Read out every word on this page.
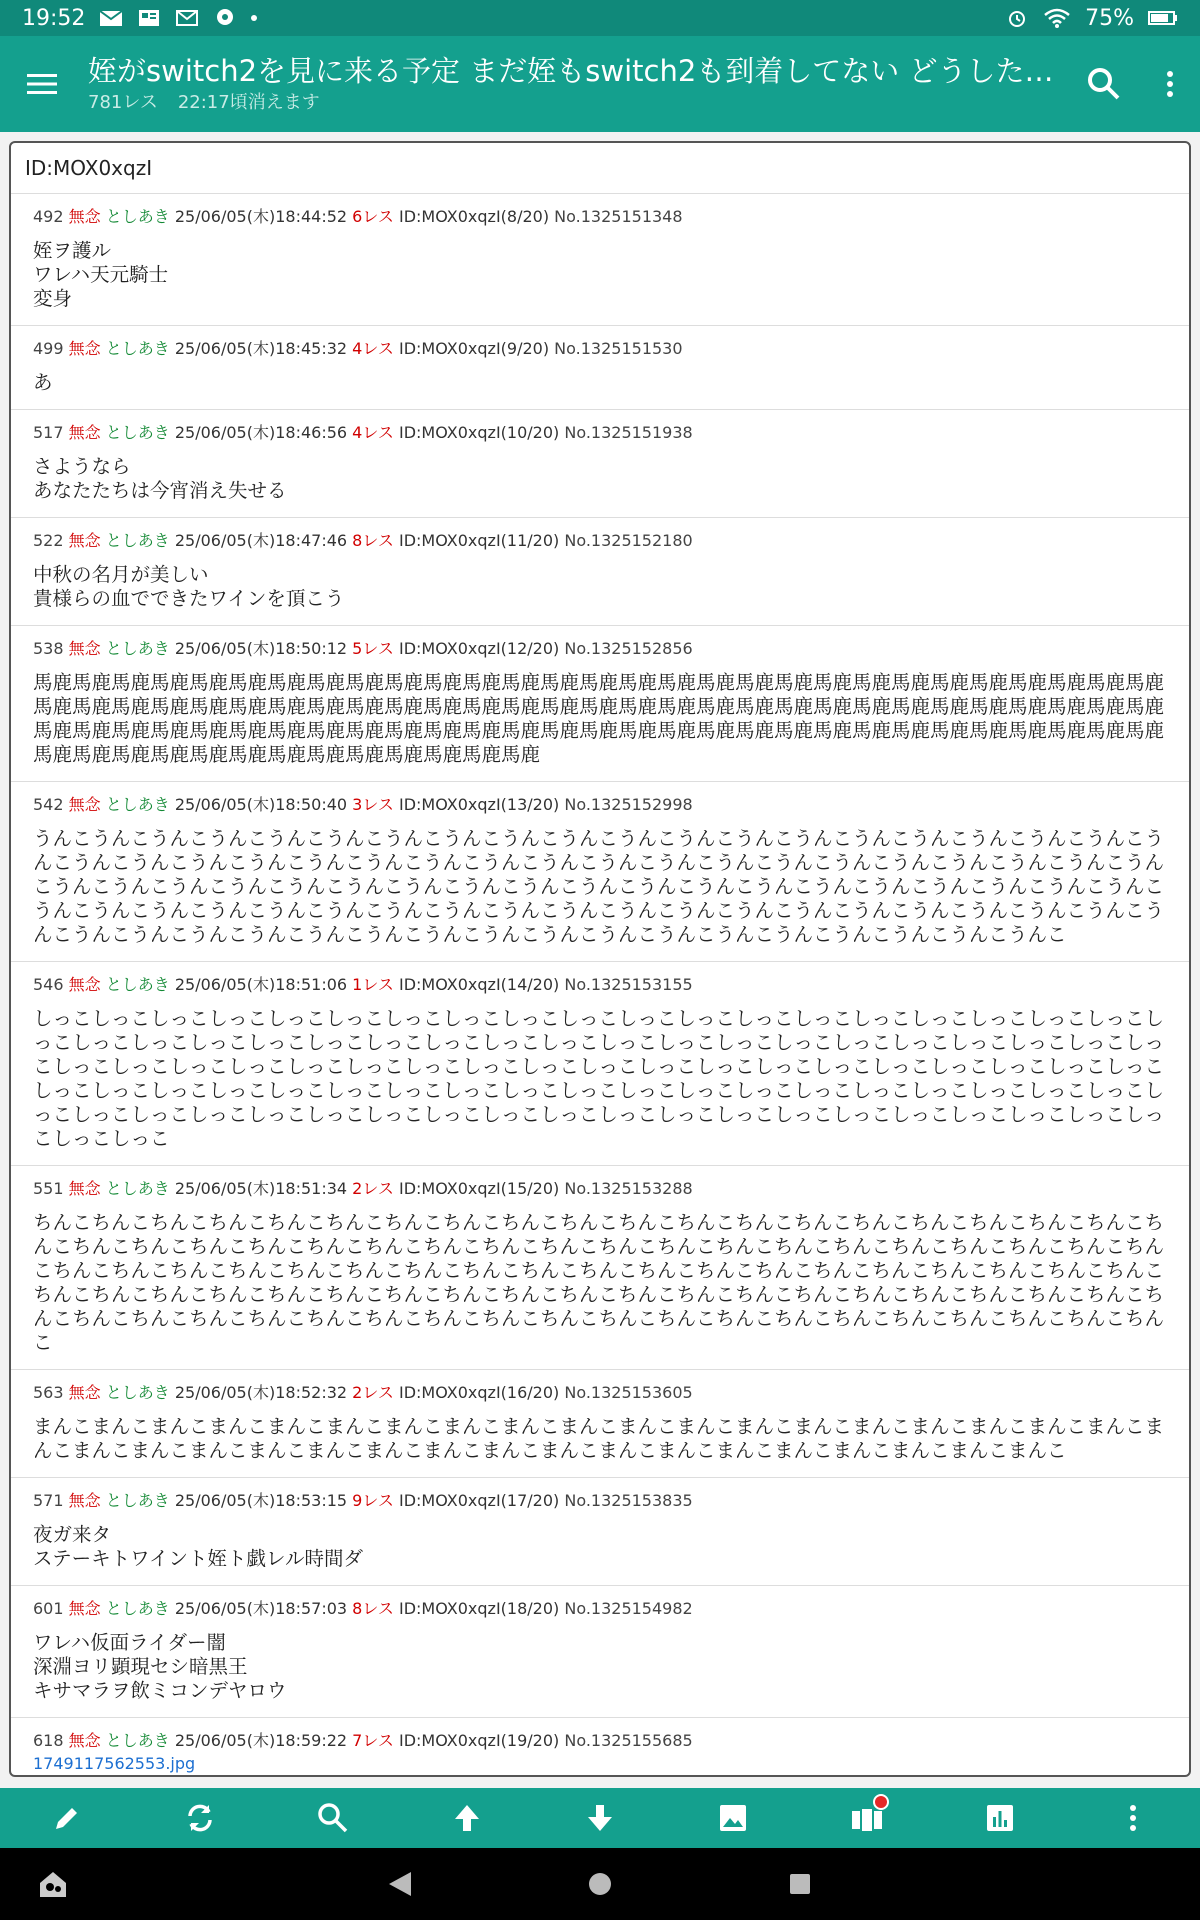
19:52	75%
姪がswitch2を見に来る予定 まだ姪もswitch2も到着してない どうした…
781レス 22:17頃消えます
ID:MOX0xqzI
492 無念 としあき 25/06/05(木)18:44:52 6レス ID:MOX0xqzI(8/20) No.1325151348
姪ヲ護ル
ワレハ天元騎士
変身
499 無念 としあき 25/06/05(木)18:45:32 4レス ID:MOX0xqzI(9/20) No.1325151530
あ
517 無念 としあき 25/06/05(木)18:46:56 4レス ID:MOX0xqzI(10/20) No.1325151938
さようなら
あなたたちは今宵消え失せる
522 無念 としあき 25/06/05(木)18:47:46 8レス ID:MOX0xqzI(11/20) No.1325152180
中秋の名月が美しい
貴様らの血でできたワインを頂こう
538 無念 としあき 25/06/05(木)18:50:12 5レス ID:MOX0xqzI(12/20) No.1325152856
馬鹿馬鹿馬鹿馬鹿馬鹿馬鹿馬鹿馬鹿馬鹿馬鹿馬鹿馬鹿馬鹿馬鹿馬鹿馬鹿馬鹿馬鹿馬鹿馬鹿馬鹿馬鹿馬鹿馬鹿馬鹿馬鹿馬鹿馬鹿馬鹿馬鹿馬鹿馬鹿馬鹿馬鹿馬鹿馬鹿馬鹿馬鹿馬鹿馬鹿馬鹿馬鹿馬鹿馬鹿馬鹿馬鹿馬鹿馬鹿馬鹿馬鹿馬鹿馬鹿馬鹿馬鹿馬鹿馬鹿馬鹿馬鹿馬鹿馬鹿馬鹿馬鹿馬鹿馬鹿馬鹿馬鹿馬鹿馬鹿馬鹿馬鹿馬鹿馬鹿馬鹿馬鹿馬鹿馬鹿馬鹿馬鹿馬鹿馬鹿馬鹿馬鹿馬鹿馬鹿馬鹿馬鹿馬鹿馬鹿馬鹿馬鹿馬鹿馬鹿馬鹿馬鹿馬鹿馬鹿馬鹿馬鹿馬鹿馬鹿
542 無念 としあき 25/06/05(木)18:50:40 3レス ID:MOX0xqzI(13/20) No.1325152998
うんこうんこうんこうんこうんこうんこうんこうんこうんこうんこうんこうんこうんこうんこうんこうんこうんこうんこうんこうんこうんこうんこうんこうんこうんこうんこうんこうんこうんこうんこうんこうんこうんこうんこうんこうんこうんこうんこうんこうんこうんこうんこうんこうんこうんこうんこうんこうんこうんこうんこうんこうんこうんこうんこうんこうんこうんこうんこうんこうんこうんこうんこうんこうんこうんこうんこうんこうんこうんこうんこうんこうんこうんこうんこうんこうんこうんこうんこうんこうんこうんこうんこうんこうんこうんこうんこうんこうんこうんこうんこうんこうんこうんこうんこうんこ
546 無念 としあき 25/06/05(木)18:51:06 1レス ID:MOX0xqzI(14/20) No.1325153155
しっこしっこしっこしっこしっこしっこしっこしっこしっこしっこしっこしっこしっこしっこしっこしっこしっこしっこしっこしっこしっこしっこしっこしっこしっこしっこしっこしっこしっこしっこしっこしっこしっこしっこしっこしっこしっこしっこしっこしっこしっこしっこしっこしっこしっこしっこしっこしっこしっこしっこしっこしっこしっこしっこしっこしっこしっこしっこしっこしっこしっこしっこしっこしっこしっこしっこしっこしっこしっこしっこしっこしっこしっこしっこしっこしっこしっこしっこしっこしっこしっこしっこしっこしっこしっこしっこしっこしっこしっこしっこしっこしっこしっこしっこしっこしっこしっこしっこしっこ
551 無念 としあき 25/06/05(木)18:51:34 2レス ID:MOX0xqzI(15/20) No.1325153288
ちんこちんこちんこちんこちんこちんこちんこちんこちんこちんこちんこちんこちんこちんこちんこちんこちんこちんこちんこちんこちんこちんこちんこちんこちんこちんこちんこちんこちんこちんこちんこちんこちんこちんこちんこちんこちんこちんこちんこちんこちんこちんこちんこちんこちんこちんこちんこちんこちんこちんこちんこちんこちんこちんこちんこちんこちんこちんこちんこちんこちんこちんこちんこちんこちんこちんこちんこちんこちんこちんこちんこちんこちんこちんこちんこちんこちんこちんこちんこちんこちんこちんこちんこちんこちんこちんこちんこちんこちんこちんこちんこちんこちんこちんこちんこちんこちんこ
563 無念 としあき 25/06/05(木)18:52:32 2レス ID:MOX0xqzI(16/20) No.1325153605
まんこまんこまんこまんこまんこまんこまんこまんこまんこまんこまんこまんこまんこまんこまんこまんこまんこまんこまんこまんこまんこまんこまんこまんこまんこまんこまんこまんこまんこまんこまんこまんこまんこまんこまんこまんこまんこ
571 無念 としあき 25/06/05(木)18:53:15 9レス ID:MOX0xqzI(17/20) No.1325153835
夜ガ来タ
ステーキトワイント姪ト戯レル時間ダ
601 無念 としあき 25/06/05(木)18:57:03 8レス ID:MOX0xqzI(18/20) No.1325154982
ワレハ仮面ライダー闇
深淵ヨリ顕現セシ暗黒王
キサマラヲ飲ミコンデヤロウ
618 無念 としあき 25/06/05(木)18:59:22 7レス ID:MOX0xqzI(19/20) No.1325155685
1749117562553.jpg
